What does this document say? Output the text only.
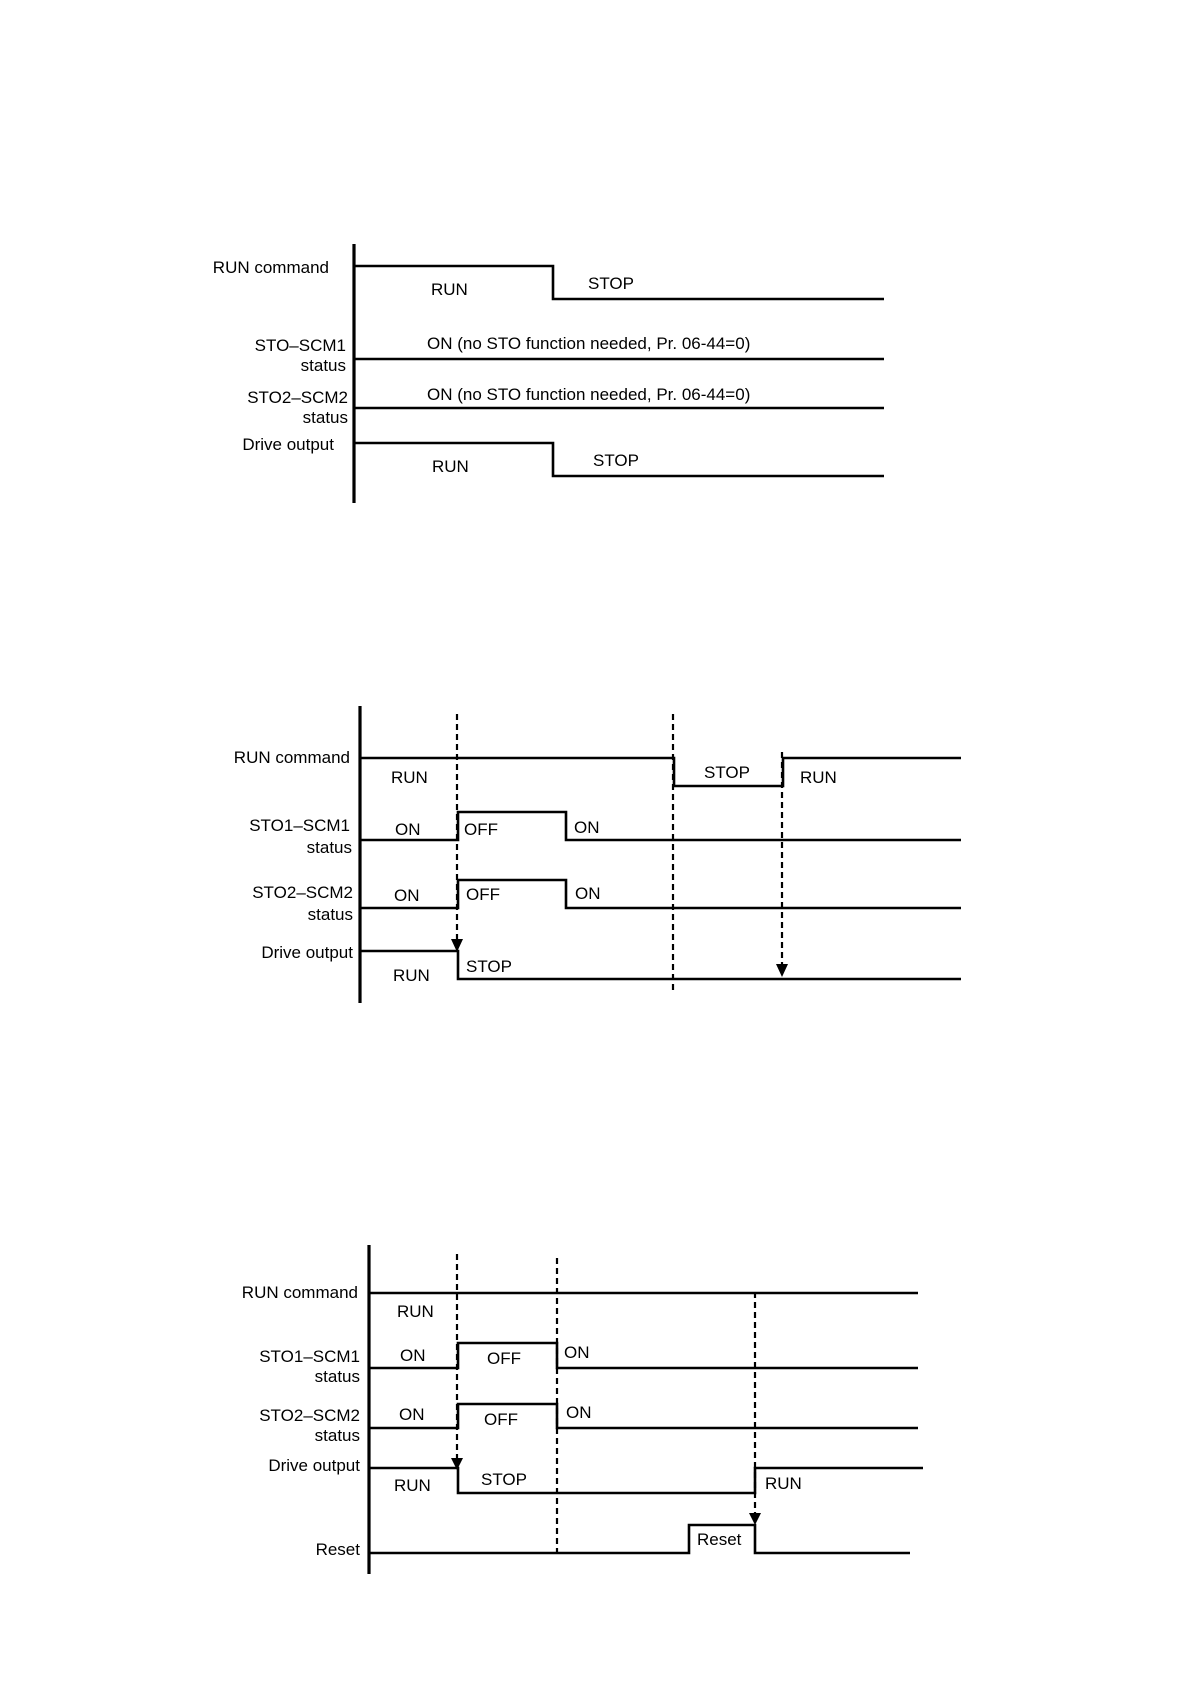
RUN command
STO–SCM1
status
STO2–SCM2
status
Drive output
RUN	STOP
ON (no STO function needed, Pr. 06-44=0)
ON (no STO function needed, Pr. 06-44=0)
RUN	STOP
RUN command
STO1–SCM1
status
STO2–SCM2
status
Drive output
RUN	STOP	RUN
ON	OFF	ON
ON	OFF	ON
RUN STOP
RUN command
STO1–SCM1
status
STO2–SCM2
status
Drive output
Reset
RUN
ON	OFF	ON
ON	OFF	ON
RUN	STOP	RUN
Reset
